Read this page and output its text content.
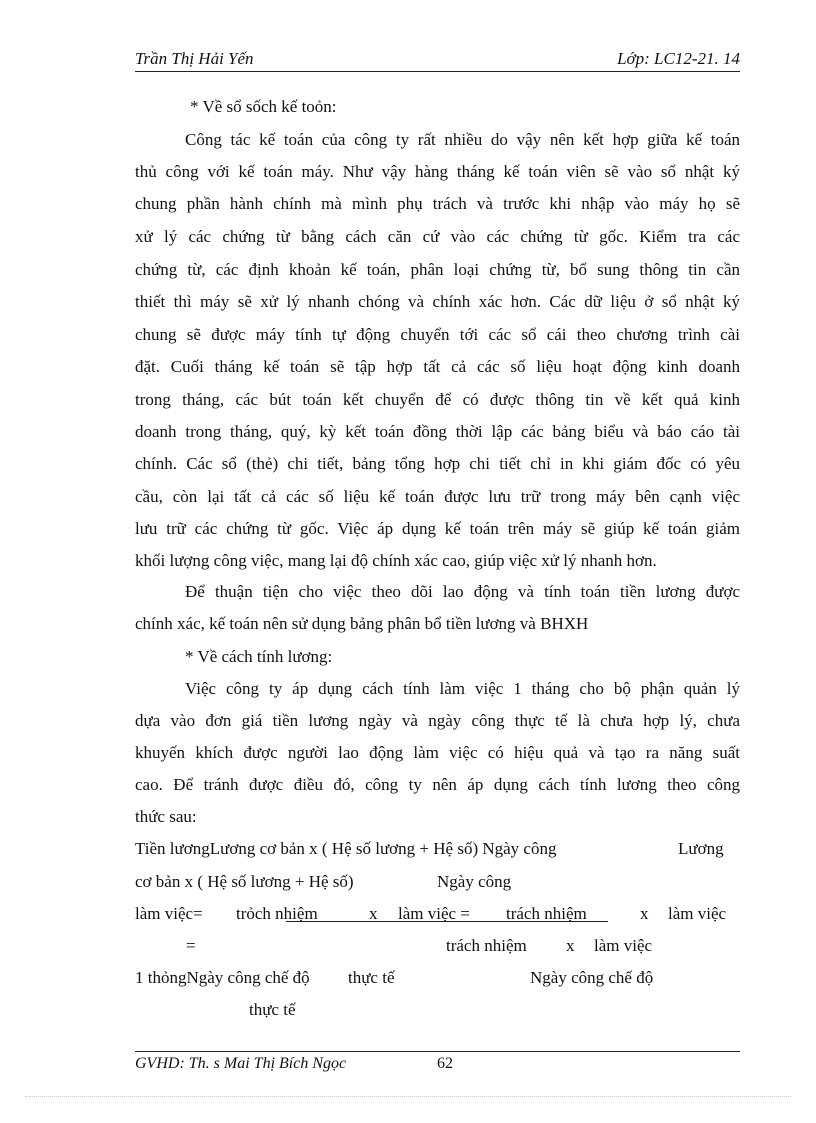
Trần Thị Hải Yến	Lớp: LC12-21. 14
* Về sổ sốch kế toỏn:
Công tác kế toán của công ty rất nhiều do vậy nên kết hợp giữa kế toán
thủ công với kế toán máy. Như vậy hàng tháng kế toán viên sẽ vào sổ nhật ký
chung phần hành chính mà mình phụ trách và trước khi nhập vào máy họ sẽ
xử lý các chứng từ bằng cách căn cứ vào các chứng từ gốc. Kiểm tra các
chứng từ, các định khoản kế toán, phân loại chứng từ, bổ sung thông tin cần
thiết thì máy sẽ xử lý nhanh chóng và chính xác hơn. Các dữ liệu ở sổ nhật ký
chung sẽ được máy tính tự động chuyển tới các sổ cái theo chương trình cài
đặt. Cuối tháng kế toán sẽ tập hợp tất cả các số liệu hoạt động kinh doanh
trong tháng, các bút toán kết chuyển để có được thông tin về kết quả kinh
doanh trong tháng, quý, kỳ kết toán đồng thời lập các bảng biểu và báo cáo tài
chính. Các sổ (thẻ) chi tiết, bảng tổng hợp chi tiết chỉ in khi giám đốc có yêu
cầu, còn lại tất cả các số liệu kế toán được lưu trữ trong máy bên cạnh việc
lưu trữ các chứng từ gốc. Việc áp dụng kế toán trên máy sẽ giúp kế toán giảm
khối lượng công việc, mang lại độ chính xác cao, giúp việc xử lý nhanh hơn.
Để thuận tiện cho việc theo dõi lao động và tính toán tiền lương được
chính xác, kế toán nên sử dụng bảng phân bổ tiền lương và BHXH
* Về cách tính lương:
Việc công ty áp dụng cách tính làm việc 1 tháng cho bộ phận quản lý
dựa vào đơn giá tiền lương ngày và ngày công thực tế là chưa hợp lý, chưa
khuyến khích được người lao động làm việc có hiệu quả và tạo ra năng suất
cao. Để tránh được điều đó, công ty nên áp dụng cách tính lương theo công
thức sau:
Tiền lươngLương cơ bản x ( Hệ số lương + Hệ số) Ngày công	Lương
cơ bản x ( Hệ số lương + Hệ số)	Ngày công
làm việc= trỏch nhiệm	x làm việc = trách nhiệm	x làm việc
=	trách nhiệm x làm việc
1 thỏngNgày công chế độ thực tế	Ngày công chế độ
thực tế
GVHD: Th. s Mai Thị Bích Ngọc	62
